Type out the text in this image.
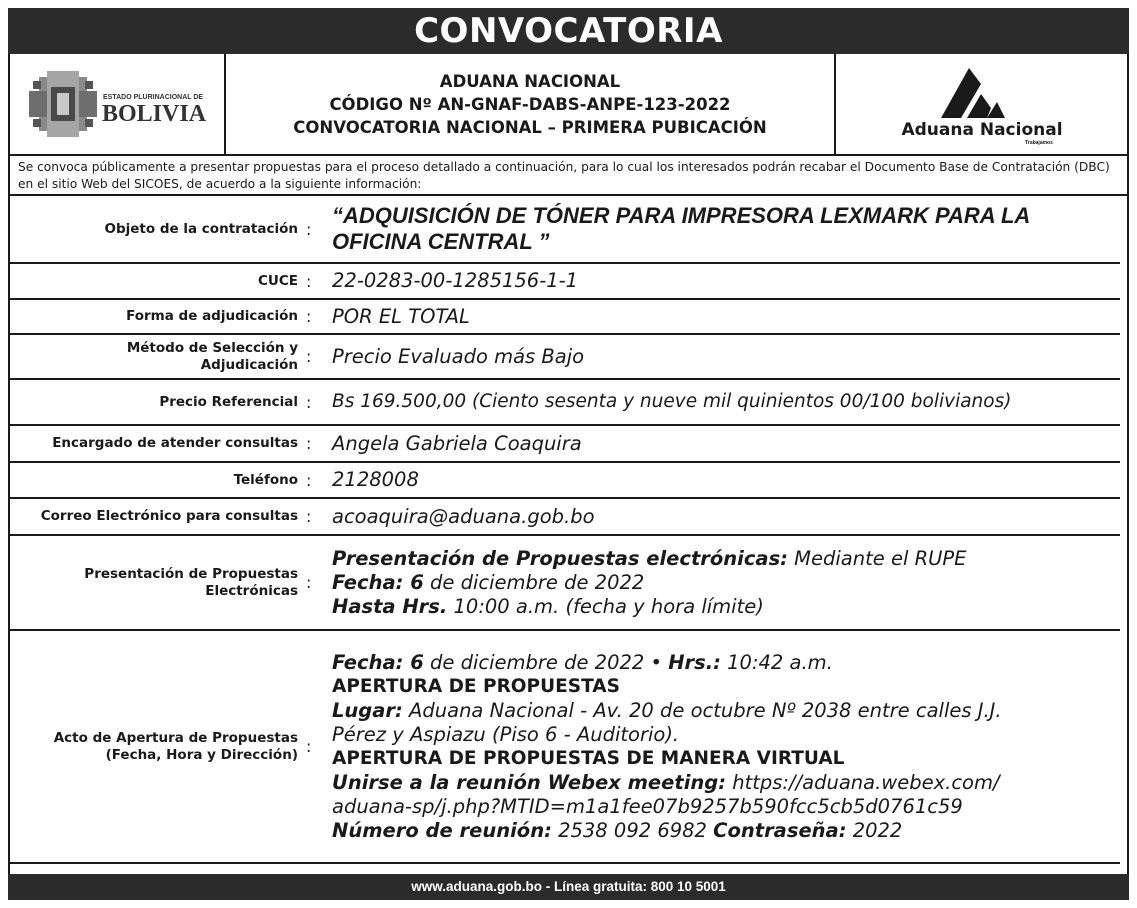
CONVOCATORIA
ESTADO PLURINACIONAL DE
BOLIVIA
ADUANA NACIONAL
CÓDIGO Nº AN-GNAF-DABS-ANPE-123-2022
CONVOCATORIA NACIONAL – PRIMERA PUBICACIÓN	Aduana Nacional
Trabajamos
Se convoca públicamente a presentar propuestas para el proceso detallado a continuación, para lo cual los interesados podrán recabar el Documento Base de Contratación (DBC) en el sitio Web del SICOES, de acuerdo a la siguiente información:
Objeto de la contratación :
“ADQUISICIÓN DE TÓNER PARA IMPRESORA LEXMARK PARA LA OFICINA CENTRAL ”
CUCE : 22-0283-00-1285156-1-1
Forma de adjudicación : POR EL TOTAL
Método de Selección y
Adjudicación : Precio Evaluado más Bajo
Precio Referencial : Bs 169.500,00 (Ciento sesenta y nueve mil quinientos 00/100 bolivianos)
Encargado de atender consultas : Angela Gabriela Coaquira
Teléfono : 2128008
Correo Electrónico para consultas : acoaquira@aduana.gob.bo
Presentación de Propuestas
Electrónicas :
Presentación de Propuestas electrónicas: Mediante el RUPE
Fecha: 6 de diciembre de 2022
Hasta Hrs. 10:00 a.m. (fecha y hora límite)
Acto de Apertura de Propuestas
(Fecha, Hora y Dirección) :
Fecha: 6 de diciembre de 2022 • Hrs.: 10:42 a.m.
APERTURA DE PROPUESTAS
Lugar: Aduana Nacional - Av. 20 de octubre Nº 2038 entre calles J.J.
Pérez y Aspiazu (Piso 6 - Auditorio).
APERTURA DE PROPUESTAS DE MANERA VIRTUAL
Unirse a la reunión Webex meeting: https://aduana.webex.com/
aduana-sp/j.php?MTID=m1a1fee07b9257b590fcc5cb5d0761c59
Número de reunión: 2538 092 6982 Contraseña: 2022
www.aduana.gob.bo - Línea gratuita: 800 10 5001
